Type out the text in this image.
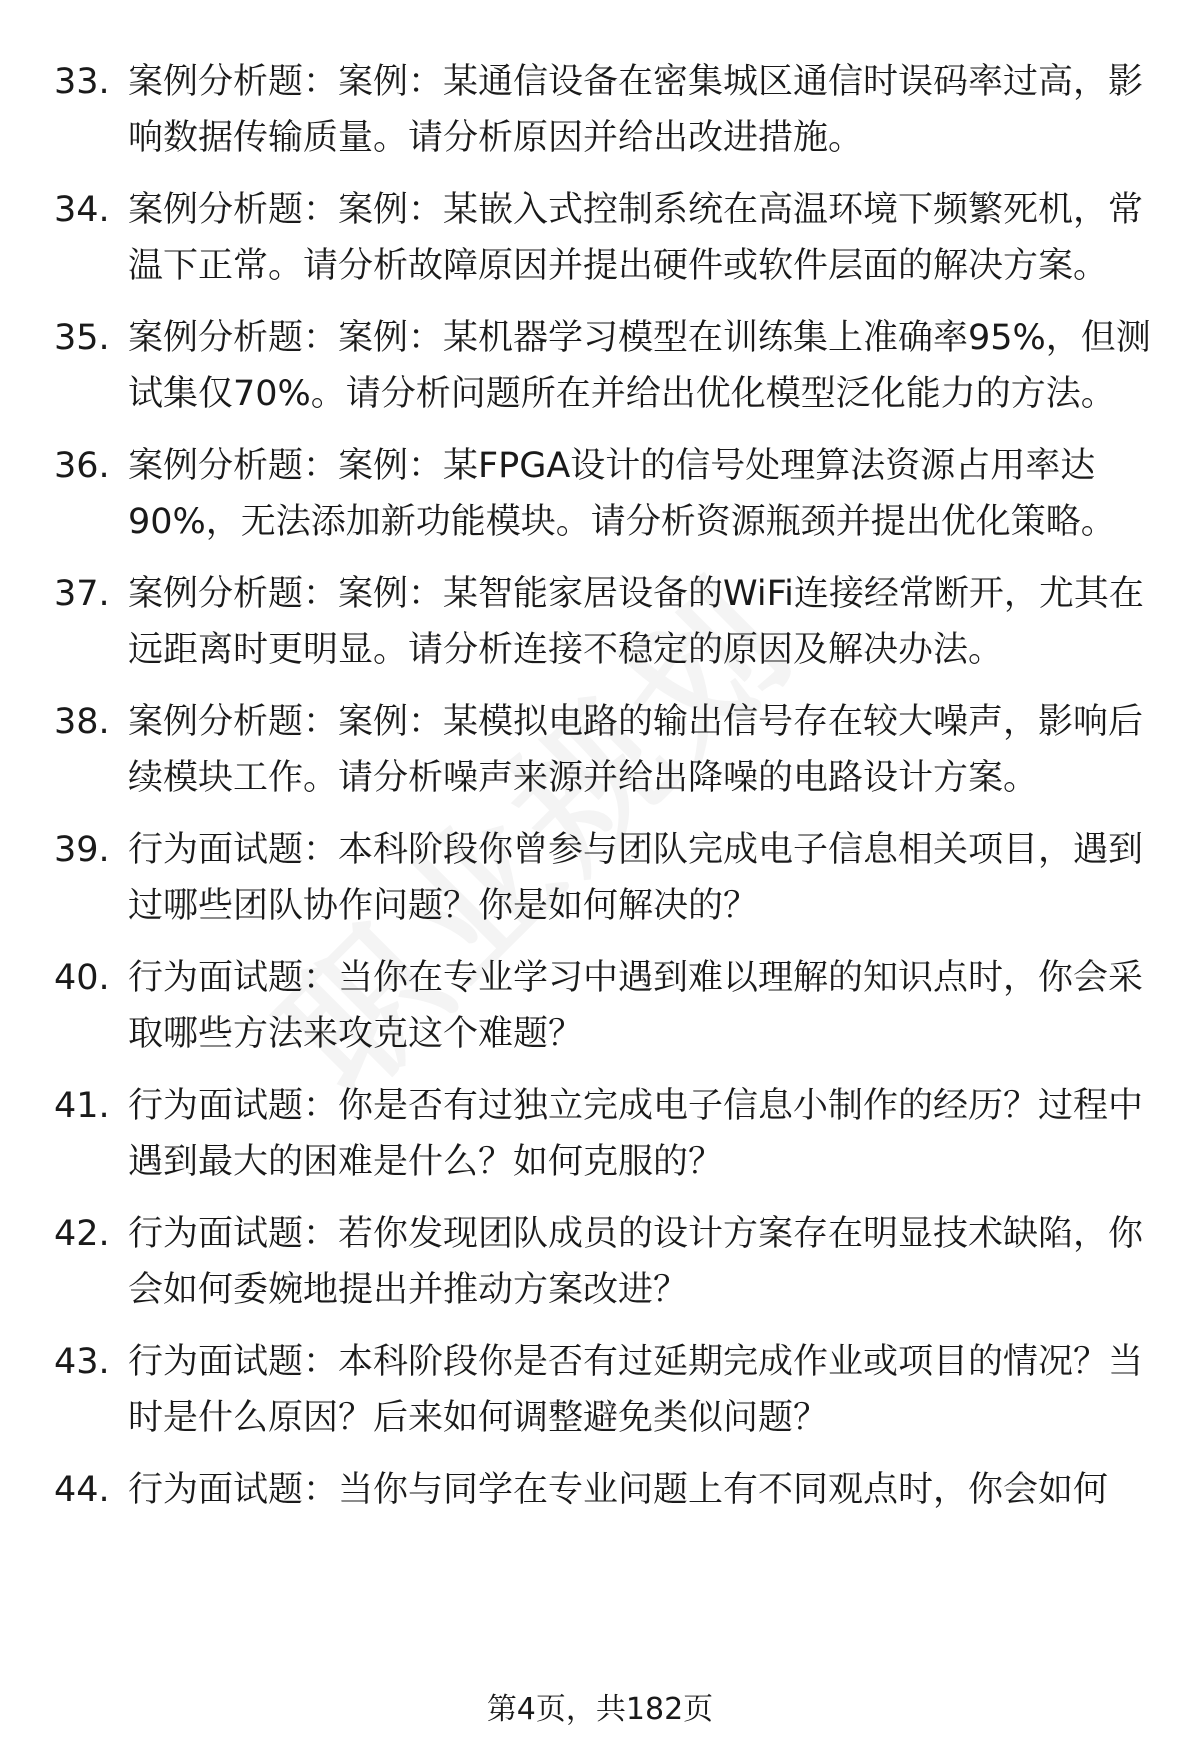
33. 案例分析题：案例：某通信设备在密集城区通信时误码率过高，影响数据传输质量。请分析原因并给出改进措施。
34. 案例分析题：案例：某嵌入式控制系统在高温环境下频繁死机，常温下正常。请分析故障原因并提出硬件或软件层面的解决方案。
35. 案例分析题：案例：某机器学习模型在训练集上准确率95%，但测试集仅70%。请分析问题所在并给出优化模型泛化能力的方法。
36. 案例分析题：案例：某FPGA设计的信号处理算法资源占用率达90%，无法添加新功能模块。请分析资源瓶颈并提出优化策略。
37. 案例分析题：案例：某智能家居设备的WiFi连接经常断开，尤其在远距离时更明显。请分析连接不稳定的原因及解决办法。
38. 案例分析题：案例：某模拟电路的输出信号存在较大噪声，影响后续模块工作。请分析噪声来源并给出降噪的电路设计方案。
39. 行为面试题：本科阶段你曾参与团队完成电子信息相关项目，遇到过哪些团队协作问题？你是如何解决的？
40. 行为面试题：当你在专业学习中遇到难以理解的知识点时，你会采取哪些方法来攻克这个难题？
41. 行为面试题：你是否有过独立完成电子信息小制作的经历？过程中遇到最大的困难是什么？如何克服的？
42. 行为面试题：若你发现团队成员的设计方案存在明显技术缺陷，你会如何委婉地提出并推动方案改进？
43. 行为面试题：本科阶段你是否有过延期完成作业或项目的情况？当时是什么原因？后来如何调整避免类似问题？
44. 行为面试题：当你与同学在专业问题上有不同观点时，你会如何
第4页，共182页
